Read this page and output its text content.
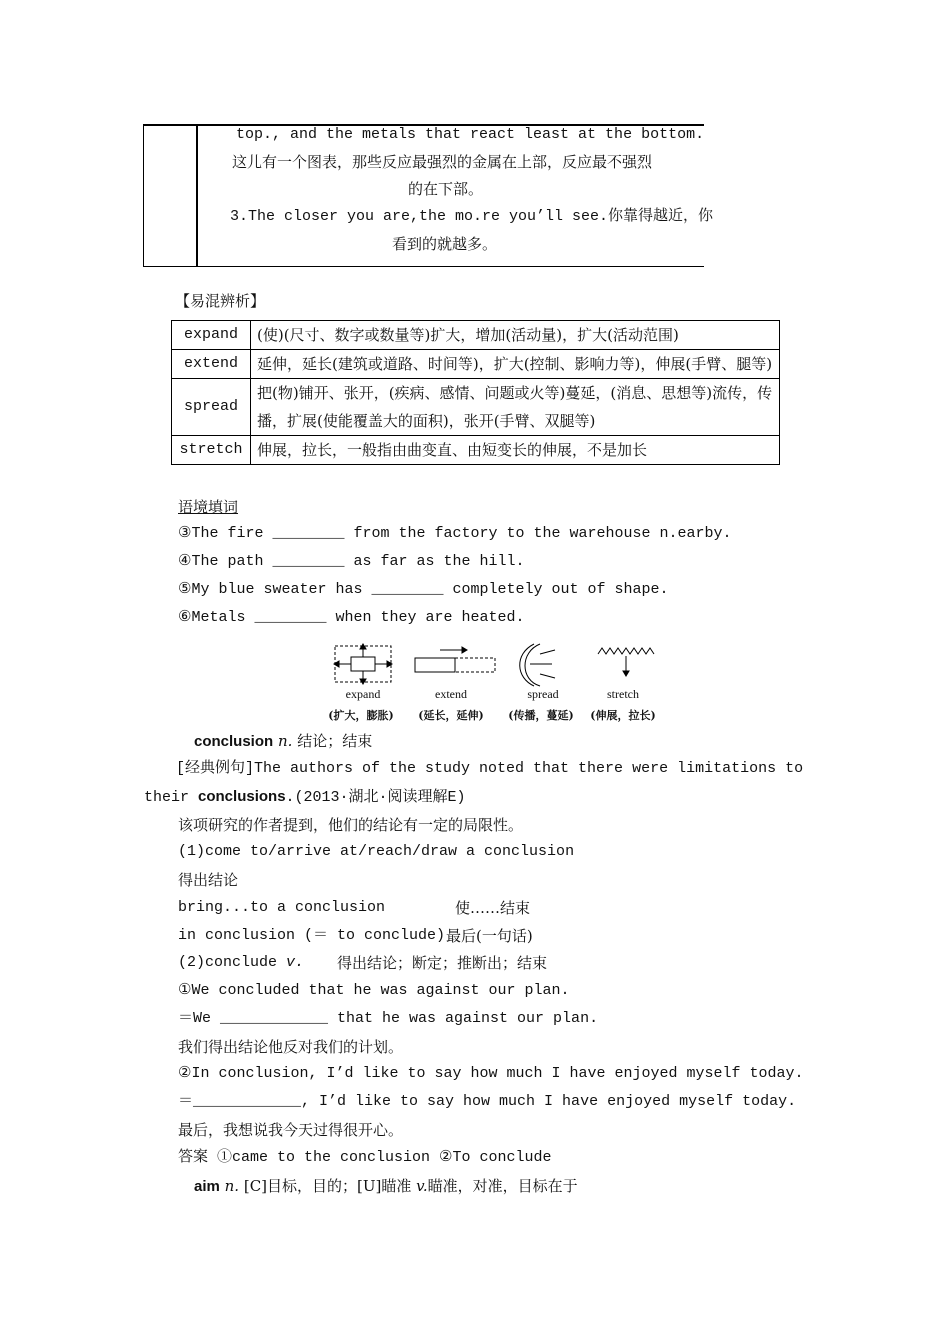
top., and the metals that react least at the bottom.
这儿有一个图表，那些反应最强烈的金属在上部，反应最不强烈
的在下部。
3.The closer you are,the mo.re you’ll see.你靠得越近，你
看到的就越多。
【易混辨析】
expand	(使)(尺寸、数字或数量等)扩大，增加(活动量)，扩大(活动范围)
extend	延伸，延长(建筑或道路、时间等)，扩大(控制、影响力等)，伸展(手臂、腿等)
spread	把(物)铺开、张开，(疾病、感情、问题或火等)蔓延，(消息、思想等)流传，传播，扩展(使能覆盖大的面积)，张开(手臂、双腿等)
stretch	伸展，拉长，一般指由曲变直、由短变长的伸展，不是加长
语境填词
③The fire ________ from the factory to the warehouse n.earby.
④The path ________ as far as the hill.
⑤My blue sweater has ________ completely out of shape.
⑥Metals ________ when they are heated.
expand	extend	spread	stretch
(扩大，膨胀)	(延长，延伸)	(传播，蔓延)	(伸展，拉长)
conclusion n. 结论；结束
[经典例句]The authors of the study noted that there were limitations to
their conclusions.(2013·湖北·阅读理解E)
该项研究的作者提到，他们的结论有一定的局限性。
(1)come to/arrive at/reach/draw a conclusion
得出结论
bring...to a conclusion	使……结束
in conclusion (＝ to conclude) 最后(一句话)
(2)conclude v. 得出结论；断定；推断出；结束
①We concluded that he was against our plan.
＝We ____________ that he was against our plan.
我们得出结论他反对我们的计划。
②In conclusion, I’d like to say how much I have enjoyed myself today.
＝____________, I’d like to say how much I have enjoyed myself today.
最后，我想说我今天过得很开心。
答案 ①came to the conclusion ②To conclude
aim n. [C]目标，目的；[U]瞄准 v.瞄准，对准，目标在于
